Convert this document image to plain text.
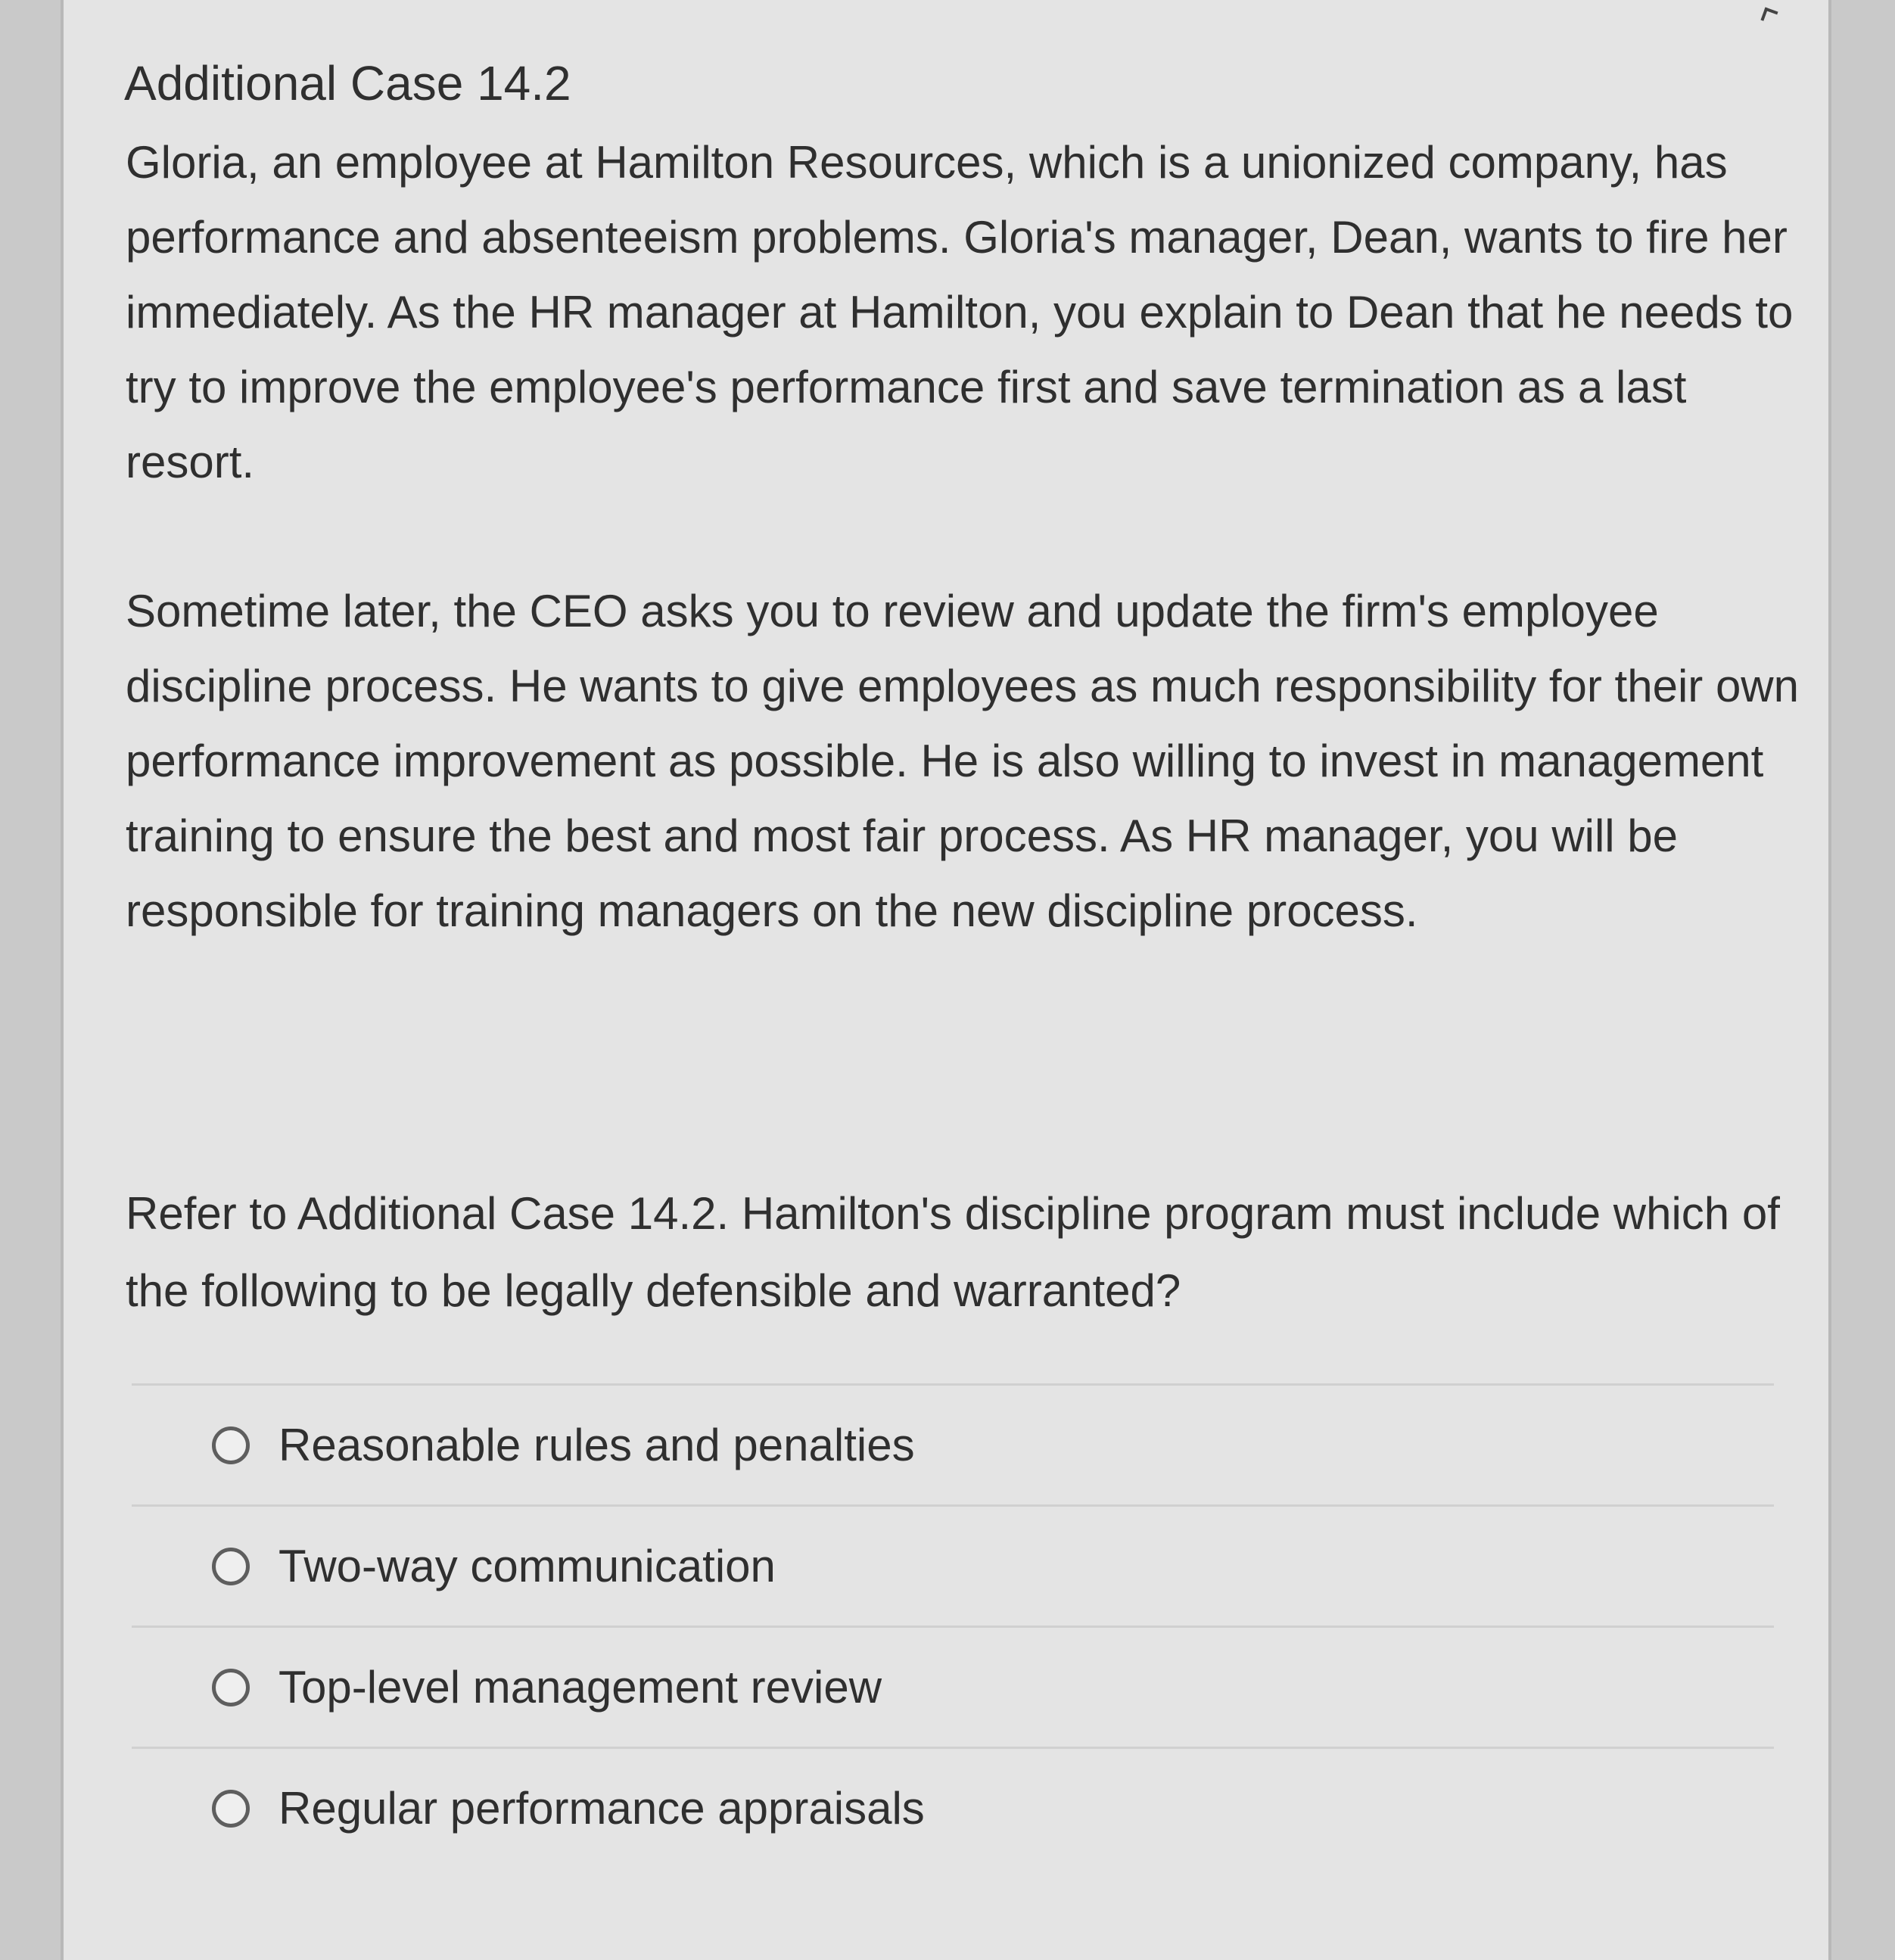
Additional Case 14.2

Gloria, an employee at Hamilton Resources, which is a unionized company, has performance and absenteeism problems. Gloria's manager, Dean, wants to fire her immediately. As the HR manager at Hamilton, you explain to Dean that he needs to try to improve the employee's performance first and save termination as a last resort.

Sometime later, the CEO asks you to review and update the firm's employee discipline process. He wants to give employees as much responsibility for their own performance improvement as possible. He is also willing to invest in management training to ensure the best and most fair process. As HR manager, you will be responsible for training managers on the new discipline process.

Refer to Additional Case 14.2. Hamilton's discipline program must include which of the following to be legally defensible and warranted?

Reasonable rules and penalties
Two-way communication
Top-level management review
Regular performance appraisals
